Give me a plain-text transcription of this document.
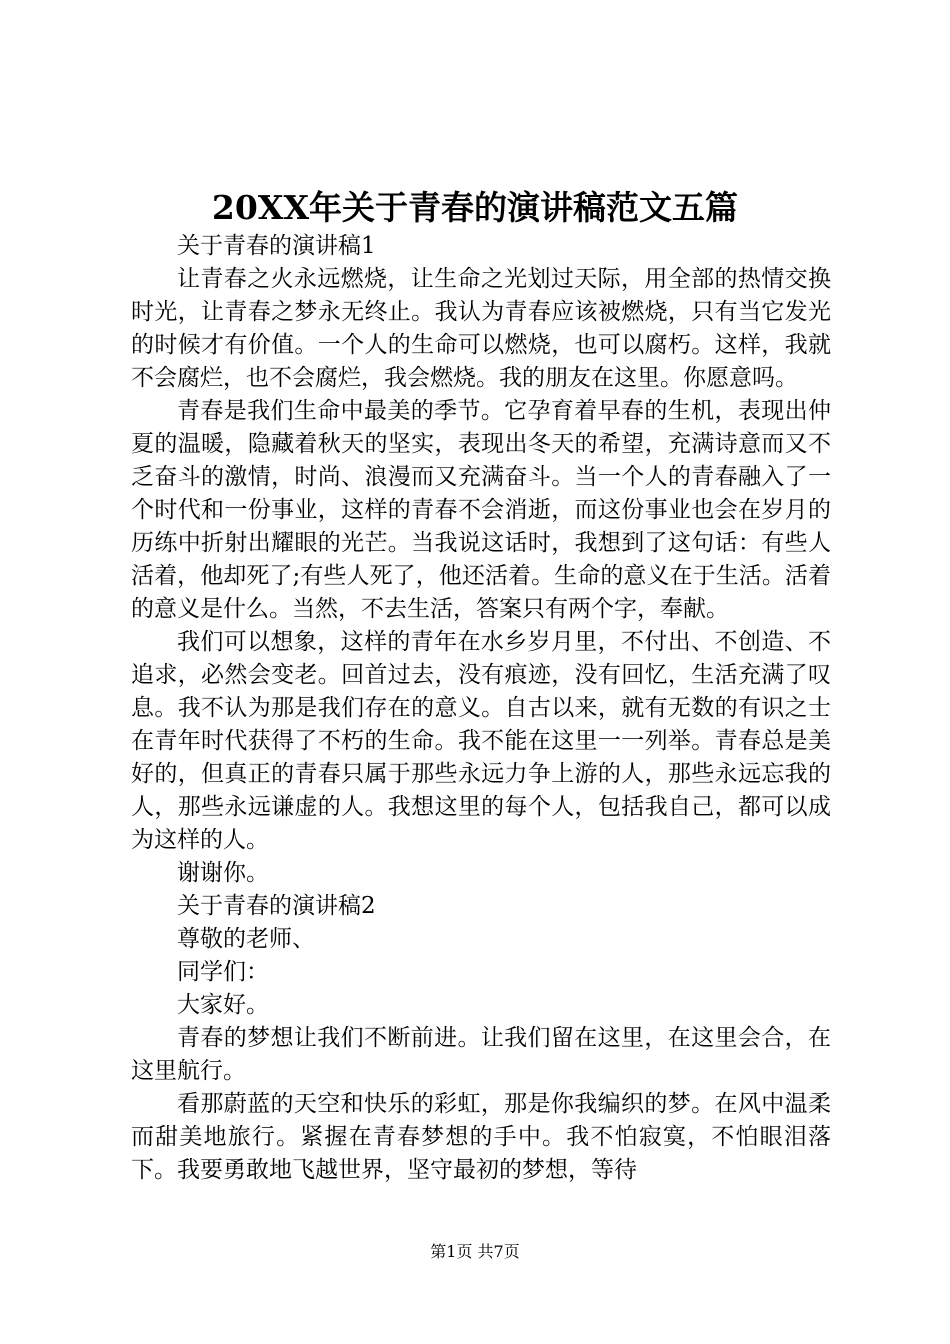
20XX年关于青春的演讲稿范文五篇

关于青春的演讲稿1

让青春之火永远燃烧，让生命之光划过天际，用全部的热情交换时光，让青春之梦永无终止。我认为青春应该被燃烧，只有当它发光的时候才有价值。一个人的生命可以燃烧，也可以腐朽。这样，我就不会腐烂，也不会腐烂，我会燃烧。我的朋友在这里。你愿意吗。

青春是我们生命中最美的季节。它孕育着早春的生机，表现出仲夏的温暖，隐藏着秋天的坚实，表现出冬天的希望，充满诗意而又不乏奋斗的激情，时尚、浪漫而又充满奋斗。当一个人的青春融入了一个时代和一份事业，这样的青春不会消逝，而这份事业也会在岁月的历练中折射出耀眼的光芒。当我说这话时，我想到了这句话：有些人活着，他却死了;有些人死了，他还活着。生命的意义在于生活。活着的意义是什么。当然，不去生活，答案只有两个字，奉献。

我们可以想象，这样的青年在水乡岁月里，不付出、不创造、不追求，必然会变老。回首过去，没有痕迹，没有回忆，生活充满了叹息。我不认为那是我们存在的意义。自古以来，就有无数的有识之士在青年时代获得了不朽的生命。我不能在这里一一列举。青春总是美好的，但真正的青春只属于那些永远力争上游的人，那些永远忘我的人，那些永远谦虚的人。我想这里的每个人，包括我自己，都可以成为这样的人。

谢谢你。

关于青春的演讲稿2

尊敬的老师、

同学们：

大家好。

青春的梦想让我们不断前进。让我们留在这里，在这里会合，在这里航行。

看那蔚蓝的天空和快乐的彩虹，那是你我编织的梦。在风中温柔而甜美地旅行。紧握在青春梦想的手中。我不怕寂寞，不怕眼泪落下。我要勇敢地飞越世界，坚守最初的梦想，等待

第1页 共7页
